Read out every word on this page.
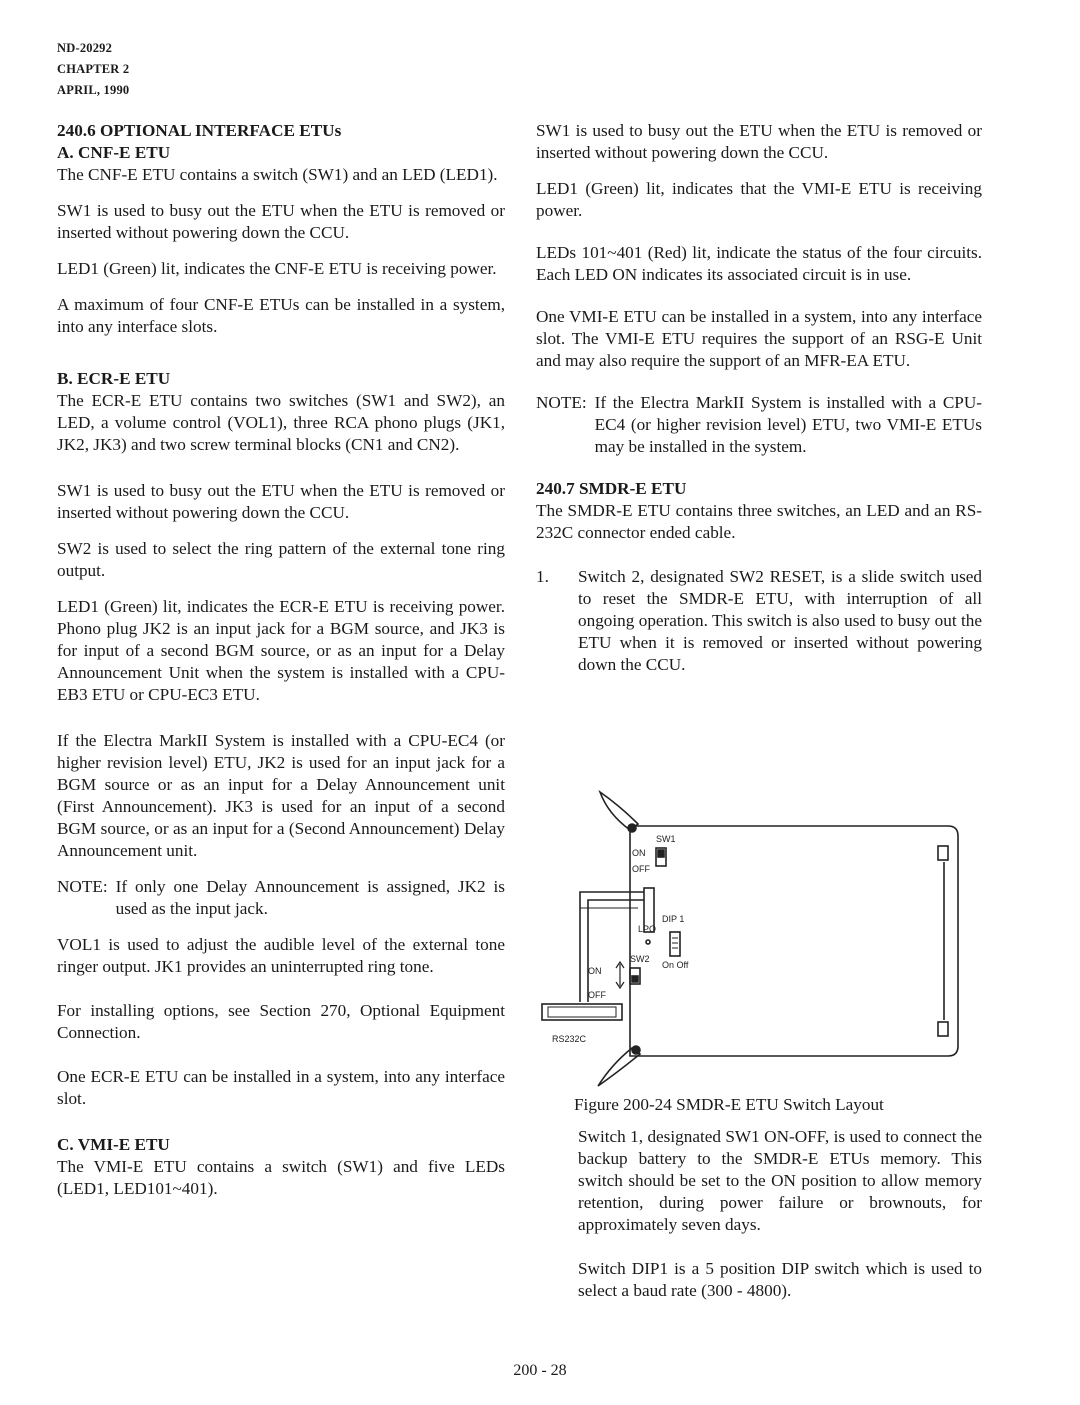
ND-20292
CHAPTER 2
APRIL, 1990
240.6 OPTIONAL INTERFACE ETUs
A. CNF-E ETU

The CNF-E ETU contains a switch (SW1) and an LED (LED1).

SW1 is used to busy out the ETU when the ETU is removed or inserted without powering down the CCU.

LED1 (Green) lit, indicates the CNF-E ETU is receiving power.

A maximum of four CNF-E ETUs can be installed in a system, into any interface slots.

B. ECR-E ETU

The ECR-E ETU contains two switches (SW1 and SW2), an LED, a volume control (VOL1), three RCA phono plugs (JK1, JK2, JK3) and two screw terminal blocks (CN1 and CN2).

SW1 is used to busy out the ETU when the ETU is removed or inserted without powering down the CCU.

SW2 is used to select the ring pattern of the external tone ring output.

LED1 (Green) lit, indicates the ECR-E ETU is receiving power. Phono plug JK2 is an input jack for a BGM source, and JK3 is for input of a second BGM source, or as an input for a Delay Announcement Unit when the system is installed with a CPU-EB3 ETU or CPU-EC3 ETU.

If the Electra MarkII System is installed with a CPU-EC4 (or higher revision level) ETU, JK2 is used for an input jack for a BGM source or as an input for a Delay Announcement unit (First Announcement). JK3 is used for an input of a second BGM source, or as an input for a (Second Announcement) Delay Announcement unit.

NOTE: If only one Delay Announcement is assigned, JK2 is used as the input jack.

VOL1 is used to adjust the audible level of the external tone ringer output. JK1 provides an uninterrupted ring tone.

For installing options, see Section 270, Optional Equipment Connection.

One ECR-E ETU can be installed in a system, into any interface slot.

C. VMI-E ETU

The VMI-E ETU contains a switch (SW1) and five LEDs (LED1, LED101~401).

SW1 is used to busy out the ETU when the ETU is removed or inserted without powering down the CCU.

LED1 (Green) lit, indicates that the VMI-E ETU is receiving power.

LEDs 101~401 (Red) lit, indicate the status of the four circuits. Each LED ON indicates its associated circuit is in use.

One VMI-E ETU can be installed in a system, into any interface slot. The VMI-E ETU requires the support of an RSG-E Unit and may also require the support of an MFR-EA ETU.

NOTE: If the Electra MarkII System is installed with a CPU-EC4 (or higher revision level) ETU, two VMI-E ETUs may be installed in the system.
240.7 SMDR-E ETU

The SMDR-E ETU contains three switches, an LED and an RS-232C connector ended cable.

1.	Switch 2, designated SW2 RESET, is a slide switch used to reset the SMDR-E ETU, with interruption of all ongoing operation. This switch is also used to busy out the ETU when it is removed or inserted without powering down the CCU.
SW1
ON
OFF
DIP 1
LPO
SW2
On Off
ON
OFF
RS232C

Figure 200-24 SMDR-E ETU Switch Layout

Switch 1, designated SW1 ON-OFF, is used to connect the backup battery to the SMDR-E ETUs memory. This switch should be set to the ON position to allow memory retention, during power failure or brownouts, for approximately seven days.

Switch DIP1 is a 5 position DIP switch which is used to select a baud rate (300 - 4800).

200 - 28
